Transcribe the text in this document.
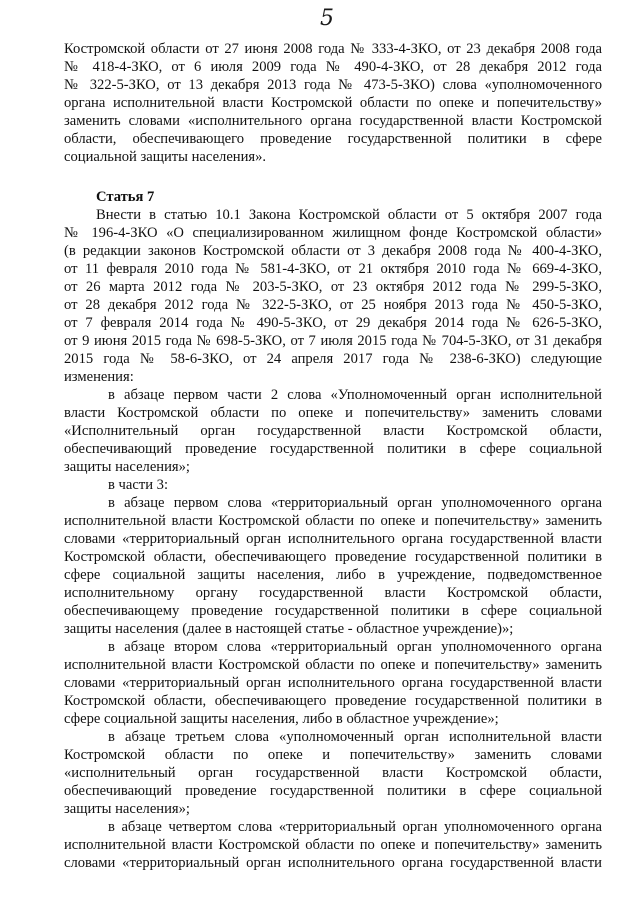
5
Костромской области от 27 июня 2008 года № 333-4-ЗКО, от 23 декабря 2008 года
№ 418-4-ЗКО, от 6 июля 2009 года № 490-4-ЗКО, от 28 декабря 2012 года
№ 322-5-ЗКО, от 13 декабря 2013 года № 473-5-ЗКО) слова «уполномоченного
органа исполнительной власти Костромской области по опеке и попечительству»
заменить словами «исполнительного органа государственной власти Костромской
области, обеспечивающего проведение государственной политики в сфере
социальной защиты населения».
Статья 7
Внести в статью 10.1 Закона Костромской области от 5 октября 2007 года
№ 196-4-ЗКО «О специализированном жилищном фонде Костромской области»
(в редакции законов Костромской области от 3 декабря 2008 года № 400-4-ЗКО,
от 11 февраля 2010 года № 581-4-ЗКО, от 21 октября 2010 года № 669-4-ЗКО,
от 26 марта 2012 года № 203-5-ЗКО, от 23 октября 2012 года № 299-5-ЗКО,
от 28 декабря 2012 года № 322-5-ЗКО, от 25 ноября 2013 года № 450-5-ЗКО,
от 7 февраля 2014 года № 490-5-ЗКО, от 29 декабря 2014 года № 626-5-ЗКО,
от 9 июня 2015 года № 698-5-ЗКО, от 7 июля 2015 года № 704-5-ЗКО, от 31 декабря
2015 года № 58-6-ЗКО, от 24 апреля 2017 года № 238-6-ЗКО) следующие
изменения:
в абзаце первом части 2 слова «Уполномоченный орган исполнительной
власти Костромской области по опеке и попечительству» заменить словами
«Исполнительный орган государственной власти Костромской области,
обеспечивающий проведение государственной политики в сфере социальной
защиты населения»;
в части 3:
в абзаце первом слова «территориальный орган уполномоченного органа
исполнительной власти Костромской области по опеке и попечительству» заменить
словами «территориальный орган исполнительного органа государственной власти
Костромской области, обеспечивающего проведение государственной политики в
сфере социальной защиты населения, либо в учреждение, подведомственное
исполнительному органу государственной власти Костромской области,
обеспечивающему проведение государственной политики в сфере социальной
защиты населения (далее в настоящей статье - областное учреждение)»;
в абзаце втором слова «территориальный орган уполномоченного органа
исполнительной власти Костромской области по опеке и попечительству» заменить
словами «территориальный орган исполнительного органа государственной власти
Костромской области, обеспечивающего проведение государственной политики в
сфере социальной защиты населения, либо в областное учреждение»;
в абзаце третьем слова «уполномоченный орган исполнительной власти
Костромской области по опеке и попечительству» заменить словами
«исполнительный орган государственной власти Костромской области,
обеспечивающий проведение государственной политики в сфере социальной
защиты населения»;
в абзаце четвертом слова «территориальный орган уполномоченного органа
исполнительной власти Костромской области по опеке и попечительству» заменить
словами «территориальный орган исполнительного органа государственной власти
